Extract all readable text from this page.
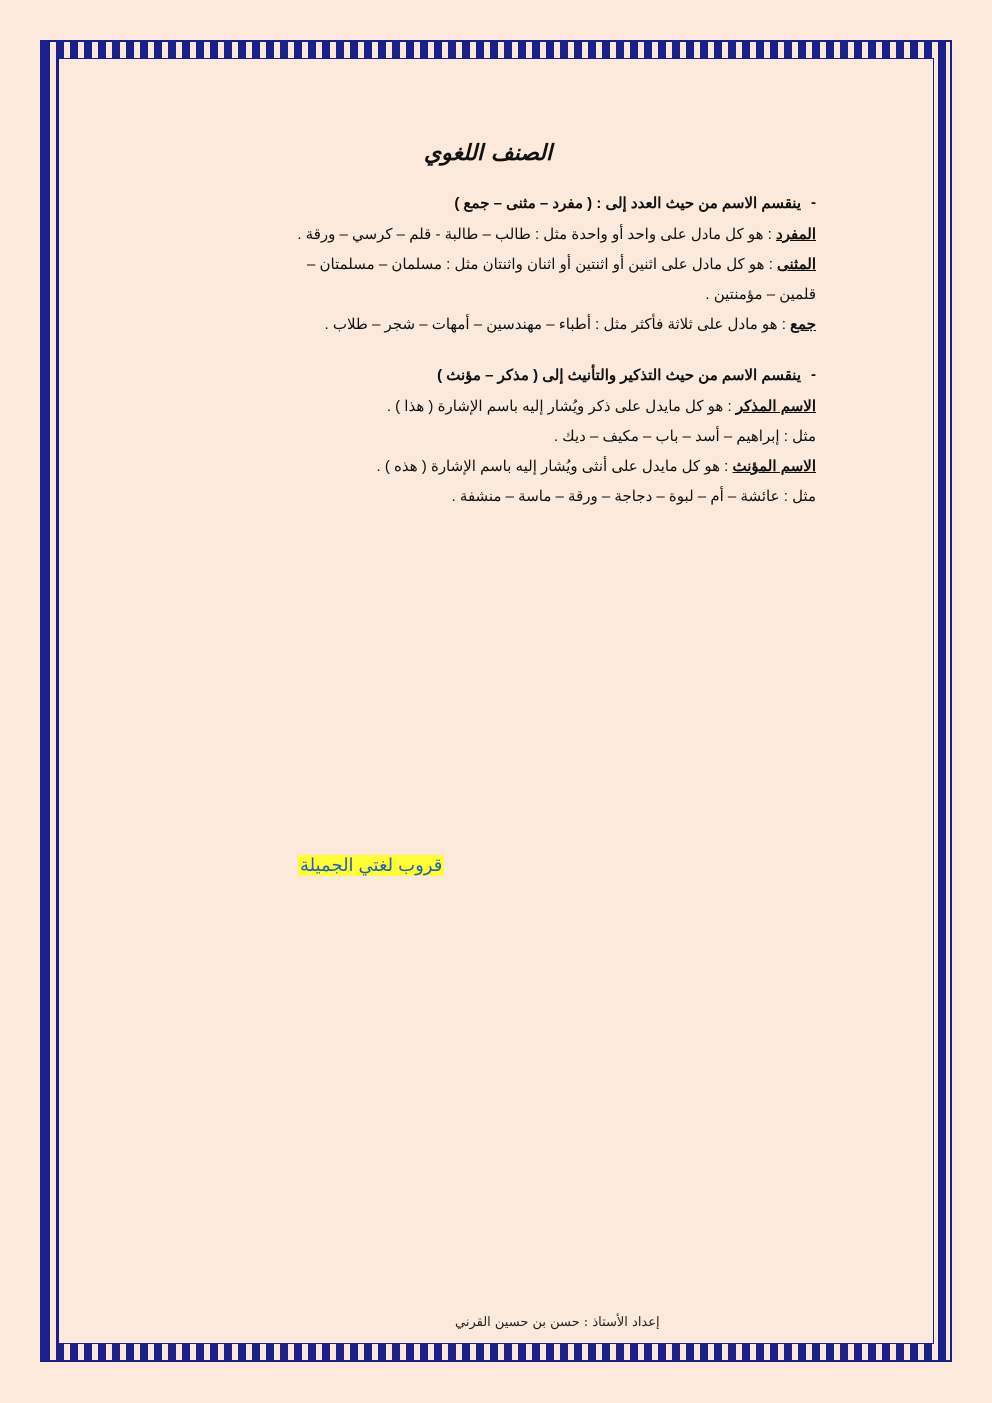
الصنف اللغوي
-
ينقسم الاسم من حيث العدد إلى : ( مفرد – مثنى – جمع )

المفرد : هو كل مادل على واحد أو واحدة مثل : طالب – طالبة - قلم – كرسي – ورقة .

المثنى : هو كل مادل على اثنين أو اثنتين أو اثنان واثنتان مثل : مسلمان – مسلمتان –

قلمين – مؤمنتين .

جمع : هو مادل على ثلاثة فأكثر مثل : أطباء – مهندسين – أمهات – شجر – طلاب .

-
ينقسم الاسم من حيث التذكير والتأنيث إلى ( مذكر – مؤنث )

الاسم المذكر : هو كل مايدل على ذكر ويُشار إليه باسم الإشارة ( هذا ) .

مثل : إبراهيم – أسد – باب – مكيف – ديك .

الاسم المؤنث : هو كل مايدل على أنثى ويُشار إليه باسم الإشارة ( هذه ) .

مثل : عائشة – أم – لبوة – دجاجة – ورقة – ماسة – منشفة .

قروب لغتي الجميلة
إعداد الأستاذ : حسن بن حسين القرني
